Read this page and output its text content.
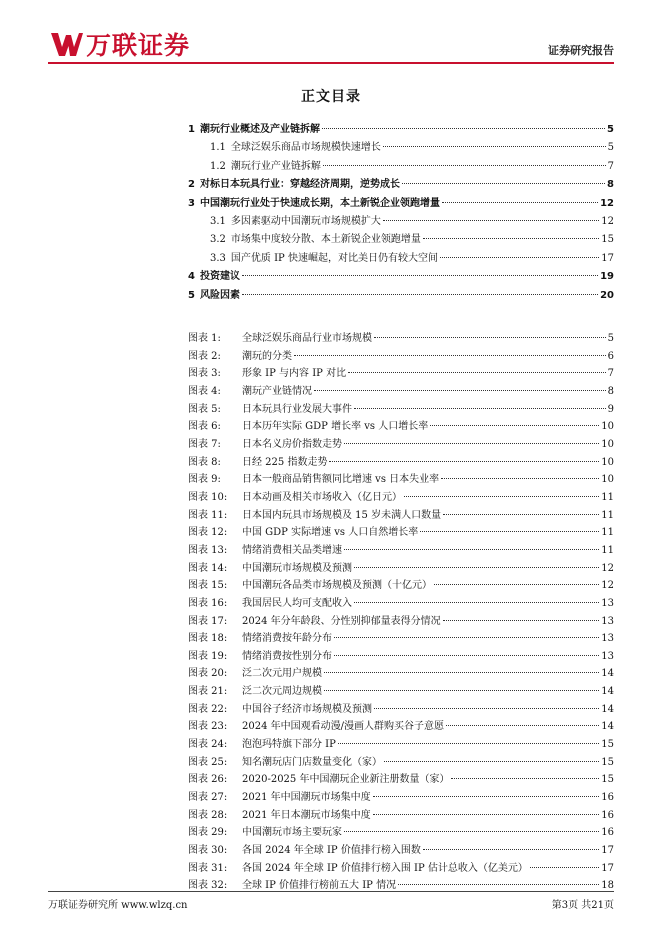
万联证券	证券研究报告
正文目录
1 潮玩行业概述及产业链拆解	5
1.1 全球泛娱乐商品市场规模快速增长	5
1.2 潮玩行业产业链拆解	7
2 对标日本玩具行业：穿越经济周期，逆势成长	8
3 中国潮玩行业处于快速成长期，本土新锐企业领跑增量	12
3.1 多因素驱动中国潮玩市场规模扩大	12
3.2 市场集中度较分散、本土新锐企业领跑增量	15
3.3 国产优质 IP 快速崛起，对比美日仍有较大空间	17
4 投资建议	19
5 风险因素	20
图表 1:	全球泛娱乐商品行业市场规模	5
图表 2:	潮玩的分类	6
图表 3:	形象 IP 与内容 IP 对比	7
图表 4:	潮玩产业链情况	8
图表 5:	日本玩具行业发展大事件	9
图表 6:	日本历年实际 GDP 增长率 vs 人口增长率	10
图表 7:	日本名义房价指数走势	10
图表 8:	日经 225 指数走势	10
图表 9:	日本一般商品销售额同比增速 vs 日本失业率	10
图表 10:	日本动画及相关市场收入（亿日元）	11
图表 11:	日本国内玩具市场规模及 15 岁未满人口数量	11
图表 12:	中国 GDP 实际增速 vs 人口自然增长率	11
图表 13:	情绪消费相关品类增速	11
图表 14:	中国潮玩市场规模及预测	12
图表 15:	中国潮玩各品类市场规模及预测（十亿元）	12
图表 16:	我国居民人均可支配收入	13
图表 17:	2024 年分年龄段、分性别抑郁量表得分情况	13
图表 18:	情绪消费按年龄分布	13
图表 19:	情绪消费按性别分布	13
图表 20:	泛二次元用户规模	14
图表 21:	泛二次元周边规模	14
图表 22:	中国谷子经济市场规模及预测	14
图表 23:	2024 年中国观看动漫/漫画人群购买谷子意愿	14
图表 24:	泡泡玛特旗下部分 IP	15
图表 25:	知名潮玩店门店数量变化（家）	15
图表 26:	2020-2025 年中国潮玩企业新注册数量（家）	15
图表 27:	2021 年中国潮玩市场集中度	16
图表 28:	2021 年日本潮玩市场集中度	16
图表 29:	中国潮玩市场主要玩家	16
图表 30:	各国 2024 年全球 IP 价值排行榜入围数	17
图表 31:	各国 2024 年全球 IP 价值排行榜入围 IP 估计总收入（亿美元）	17
图表 32:	全球 IP 价值排行榜前五大 IP 情况	18
万联证券研究所 www.wlzq.cn	第3页 共21页
